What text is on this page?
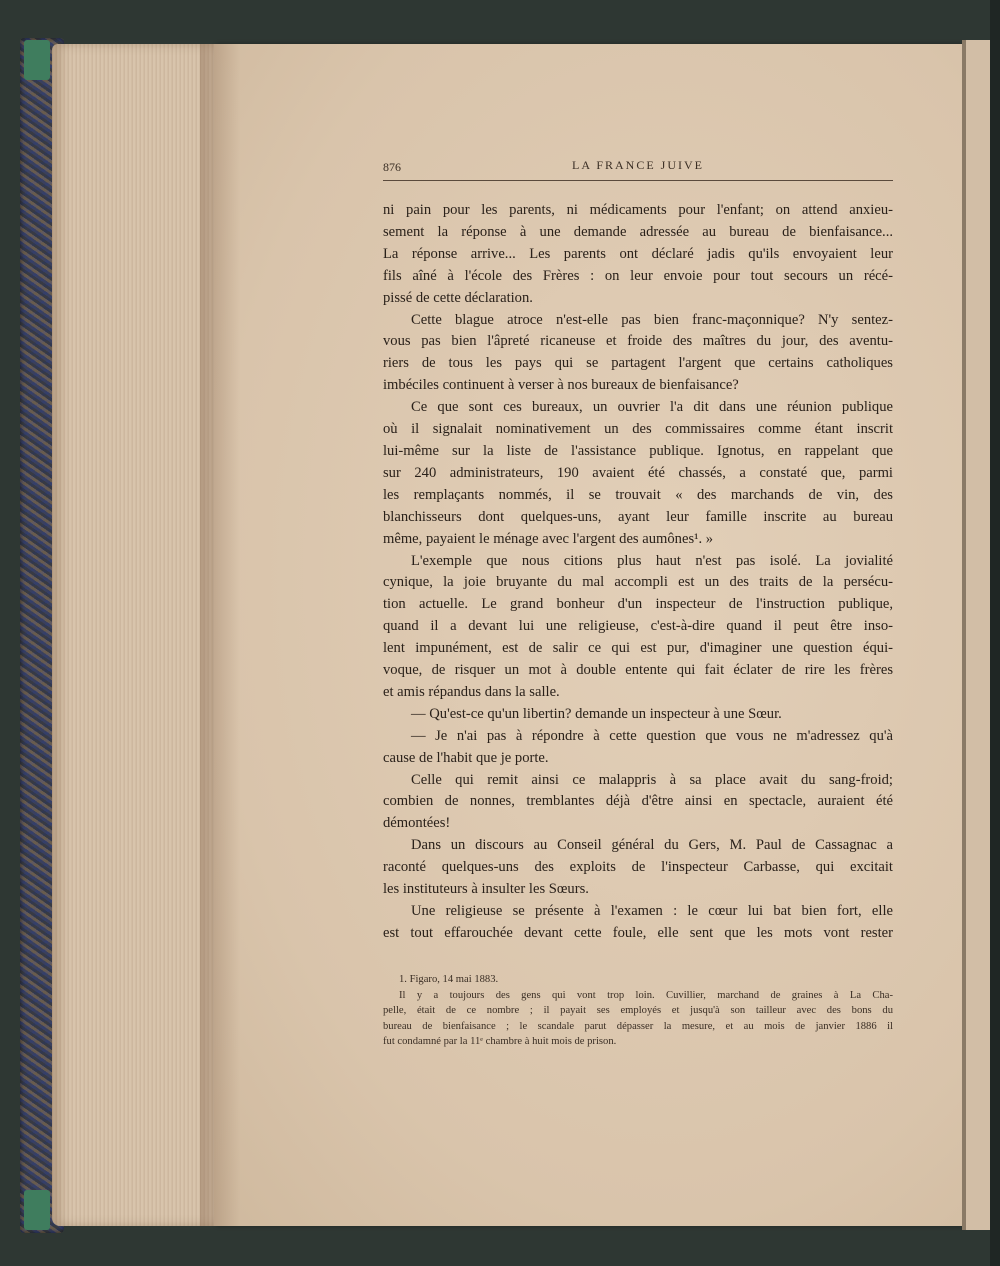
876	LA FRANCE JUIVE
ni pain pour les parents, ni médicaments pour l'enfant; on attend anxieu-
sement la réponse à une demande adressée au bureau de bienfaisance...
La réponse arrive... Les parents ont déclaré jadis qu'ils envoyaient leur
fils aîné à l'école des Frères : on leur envoie pour tout secours un récé-
pissé de cette déclaration.
Cette blague atroce n'est-elle pas bien franc-maçonnique? N'y sentez-
vous pas bien l'âpreté ricaneuse et froide des maîtres du jour, des aventu-
riers de tous les pays qui se partagent l'argent que certains catholiques
imbéciles continuent à verser à nos bureaux de bienfaisance?
Ce que sont ces bureaux, un ouvrier l'a dit dans une réunion publique
où il signalait nominativement un des commissaires comme étant inscrit
lui-même sur la liste de l'assistance publique. Ignotus, en rappelant que
sur 240 administrateurs, 190 avaient été chassés, a constaté que, parmi
les remplaçants nommés, il se trouvait « des marchands de vin, des
blanchisseurs dont quelques-uns, ayant leur famille inscrite au bureau
même, payaient le ménage avec l'argent des aumônes¹. »
L'exemple que nous citions plus haut n'est pas isolé. La jovialité
cynique, la joie bruyante du mal accompli est un des traits de la persécu-
tion actuelle. Le grand bonheur d'un inspecteur de l'instruction publique,
quand il a devant lui une religieuse, c'est-à-dire quand il peut être inso-
lent impunément, est de salir ce qui est pur, d'imaginer une question équi-
voque, de risquer un mot à double entente qui fait éclater de rire les frères
et amis répandus dans la salle.
— Qu'est-ce qu'un libertin? demande un inspecteur à une Sœur.
— Je n'ai pas à répondre à cette question que vous ne m'adressez qu'à
cause de l'habit que je porte.
Celle qui remit ainsi ce malappris à sa place avait du sang-froid;
combien de nonnes, tremblantes déjà d'être ainsi en spectacle, auraient été
démontées!
Dans un discours au Conseil général du Gers, M. Paul de Cassagnac a
raconté quelques-uns des exploits de l'inspecteur Carbasse, qui excitait
les instituteurs à insulter les Sœurs.
Une religieuse se présente à l'examen : le cœur lui bat bien fort, elle
est tout effarouchée devant cette foule, elle sent que les mots vont rester
1. Figaro, 14 mai 1883.
Il y a toujours des gens qui vont trop loin. Cuvillier, marchand de graines à La Cha-
pelle, était de ce nombre ; il payait ses employés et jusqu'à son tailleur avec des bons du
bureau de bienfaisance ; le scandale parut dépasser la mesure, et au mois de janvier 1886 il
fut condamné par la 11ᵉ chambre à huit mois de prison.
